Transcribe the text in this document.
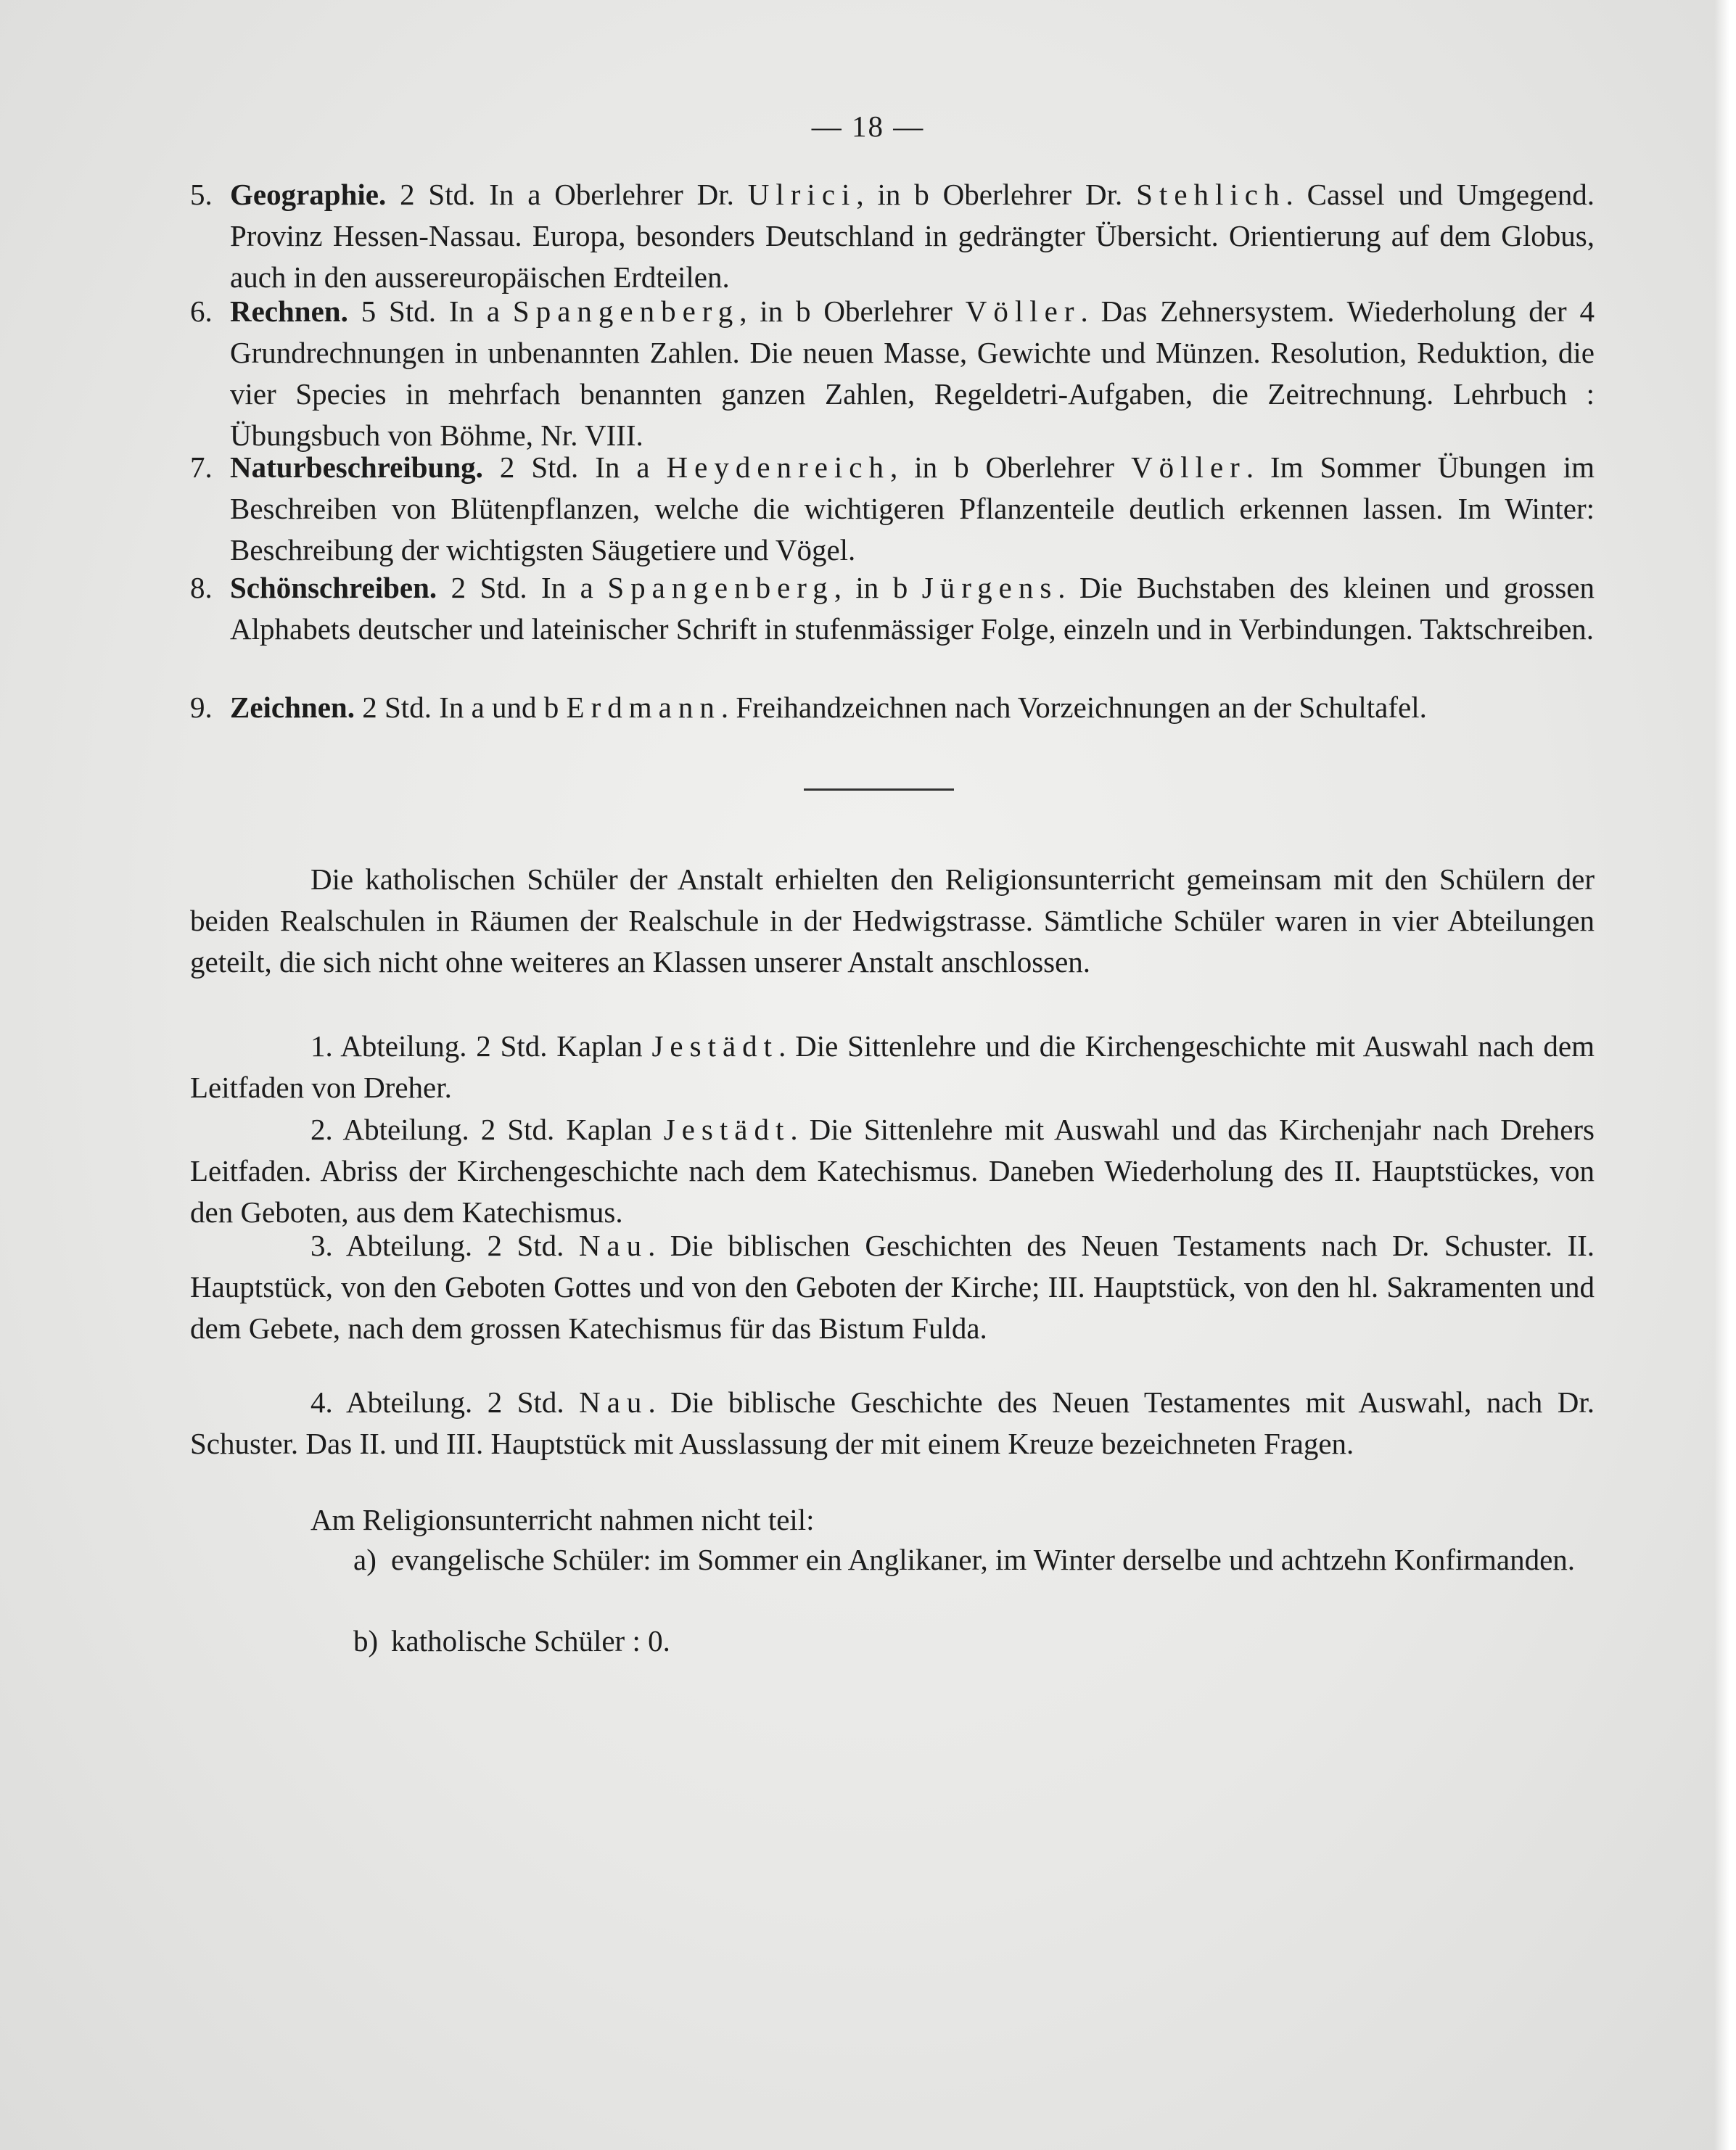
— 18 —
5. Geographie. 2 Std. In a Oberlehrer Dr. Ulrici, in b Oberlehrer Dr. Stehlich. Cassel und Umgegend. Provinz Hessen-Nassau. Europa, besonders Deutschland in gedrängter Übersicht. Orientierung auf dem Globus, auch in den aussereuropäischen Erdteilen.
6. Rechnen. 5 Std. In a Spangenberg, in b Oberlehrer Völler. Das Zehnersystem. Wiederholung der 4 Grundrechnungen in unbenannten Zahlen. Die neuen Masse, Gewichte und Münzen. Resolution, Reduktion, die vier Species in mehrfach benannten ganzen Zahlen, Regeldetri-Aufgaben, die Zeitrechnung. Lehrbuch : Übungsbuch von Böhme, Nr. VIII.
7. Naturbeschreibung. 2 Std. In a Heydenreich, in b Oberlehrer Völler. Im Sommer Übungen im Beschreiben von Blütenpflanzen, welche die wichtigeren Pflanzenteile deutlich erkennen lassen. Im Winter: Beschreibung der wichtigsten Säugetiere und Vögel.
8. Schönschreiben. 2 Std. In a Spangenberg, in b Jürgens. Die Buchstaben des kleinen und grossen Alphabets deutscher und lateinischer Schrift in stufenmässiger Folge, einzeln und in Verbindungen. Taktschreiben.
9. Zeichnen. 2 Std. In a und b Erdmann. Freihandzeichnen nach Vorzeichnungen an der Schultafel.
Die katholischen Schüler der Anstalt erhielten den Religionsunterricht gemeinsam mit den Schülern der beiden Realschulen in Räumen der Realschule in der Hedwigstrasse. Sämtliche Schüler waren in vier Abteilungen geteilt, die sich nicht ohne weiteres an Klassen unserer Anstalt anschlossen.
1. Abteilung. 2 Std. Kaplan Jestädt. Die Sittenlehre und die Kirchengeschichte mit Auswahl nach dem Leitfaden von Dreher.
2. Abteilung. 2 Std. Kaplan Jestädt. Die Sittenlehre mit Auswahl und das Kirchenjahr nach Drehers Leitfaden. Abriss der Kirchengeschichte nach dem Katechismus. Daneben Wiederholung des II. Hauptstückes, von den Geboten, aus dem Katechismus.
3. Abteilung. 2 Std. Nau. Die biblischen Geschichten des Neuen Testaments nach Dr. Schuster. II. Hauptstück, von den Geboten Gottes und von den Geboten der Kirche; III. Hauptstück, von den hl. Sakramenten und dem Gebete, nach dem grossen Katechismus für das Bistum Fulda.
4. Abteilung. 2 Std. Nau. Die biblische Geschichte des Neuen Testamentes mit Auswahl, nach Dr. Schuster. Das II. und III. Hauptstück mit Ausslassung der mit einem Kreuze bezeichneten Fragen.
Am Religionsunterricht nahmen nicht teil:
a) evangelische Schüler: im Sommer ein Anglikaner, im Winter derselbe und achtzehn Konfirmanden.
b) katholische Schüler : 0.
